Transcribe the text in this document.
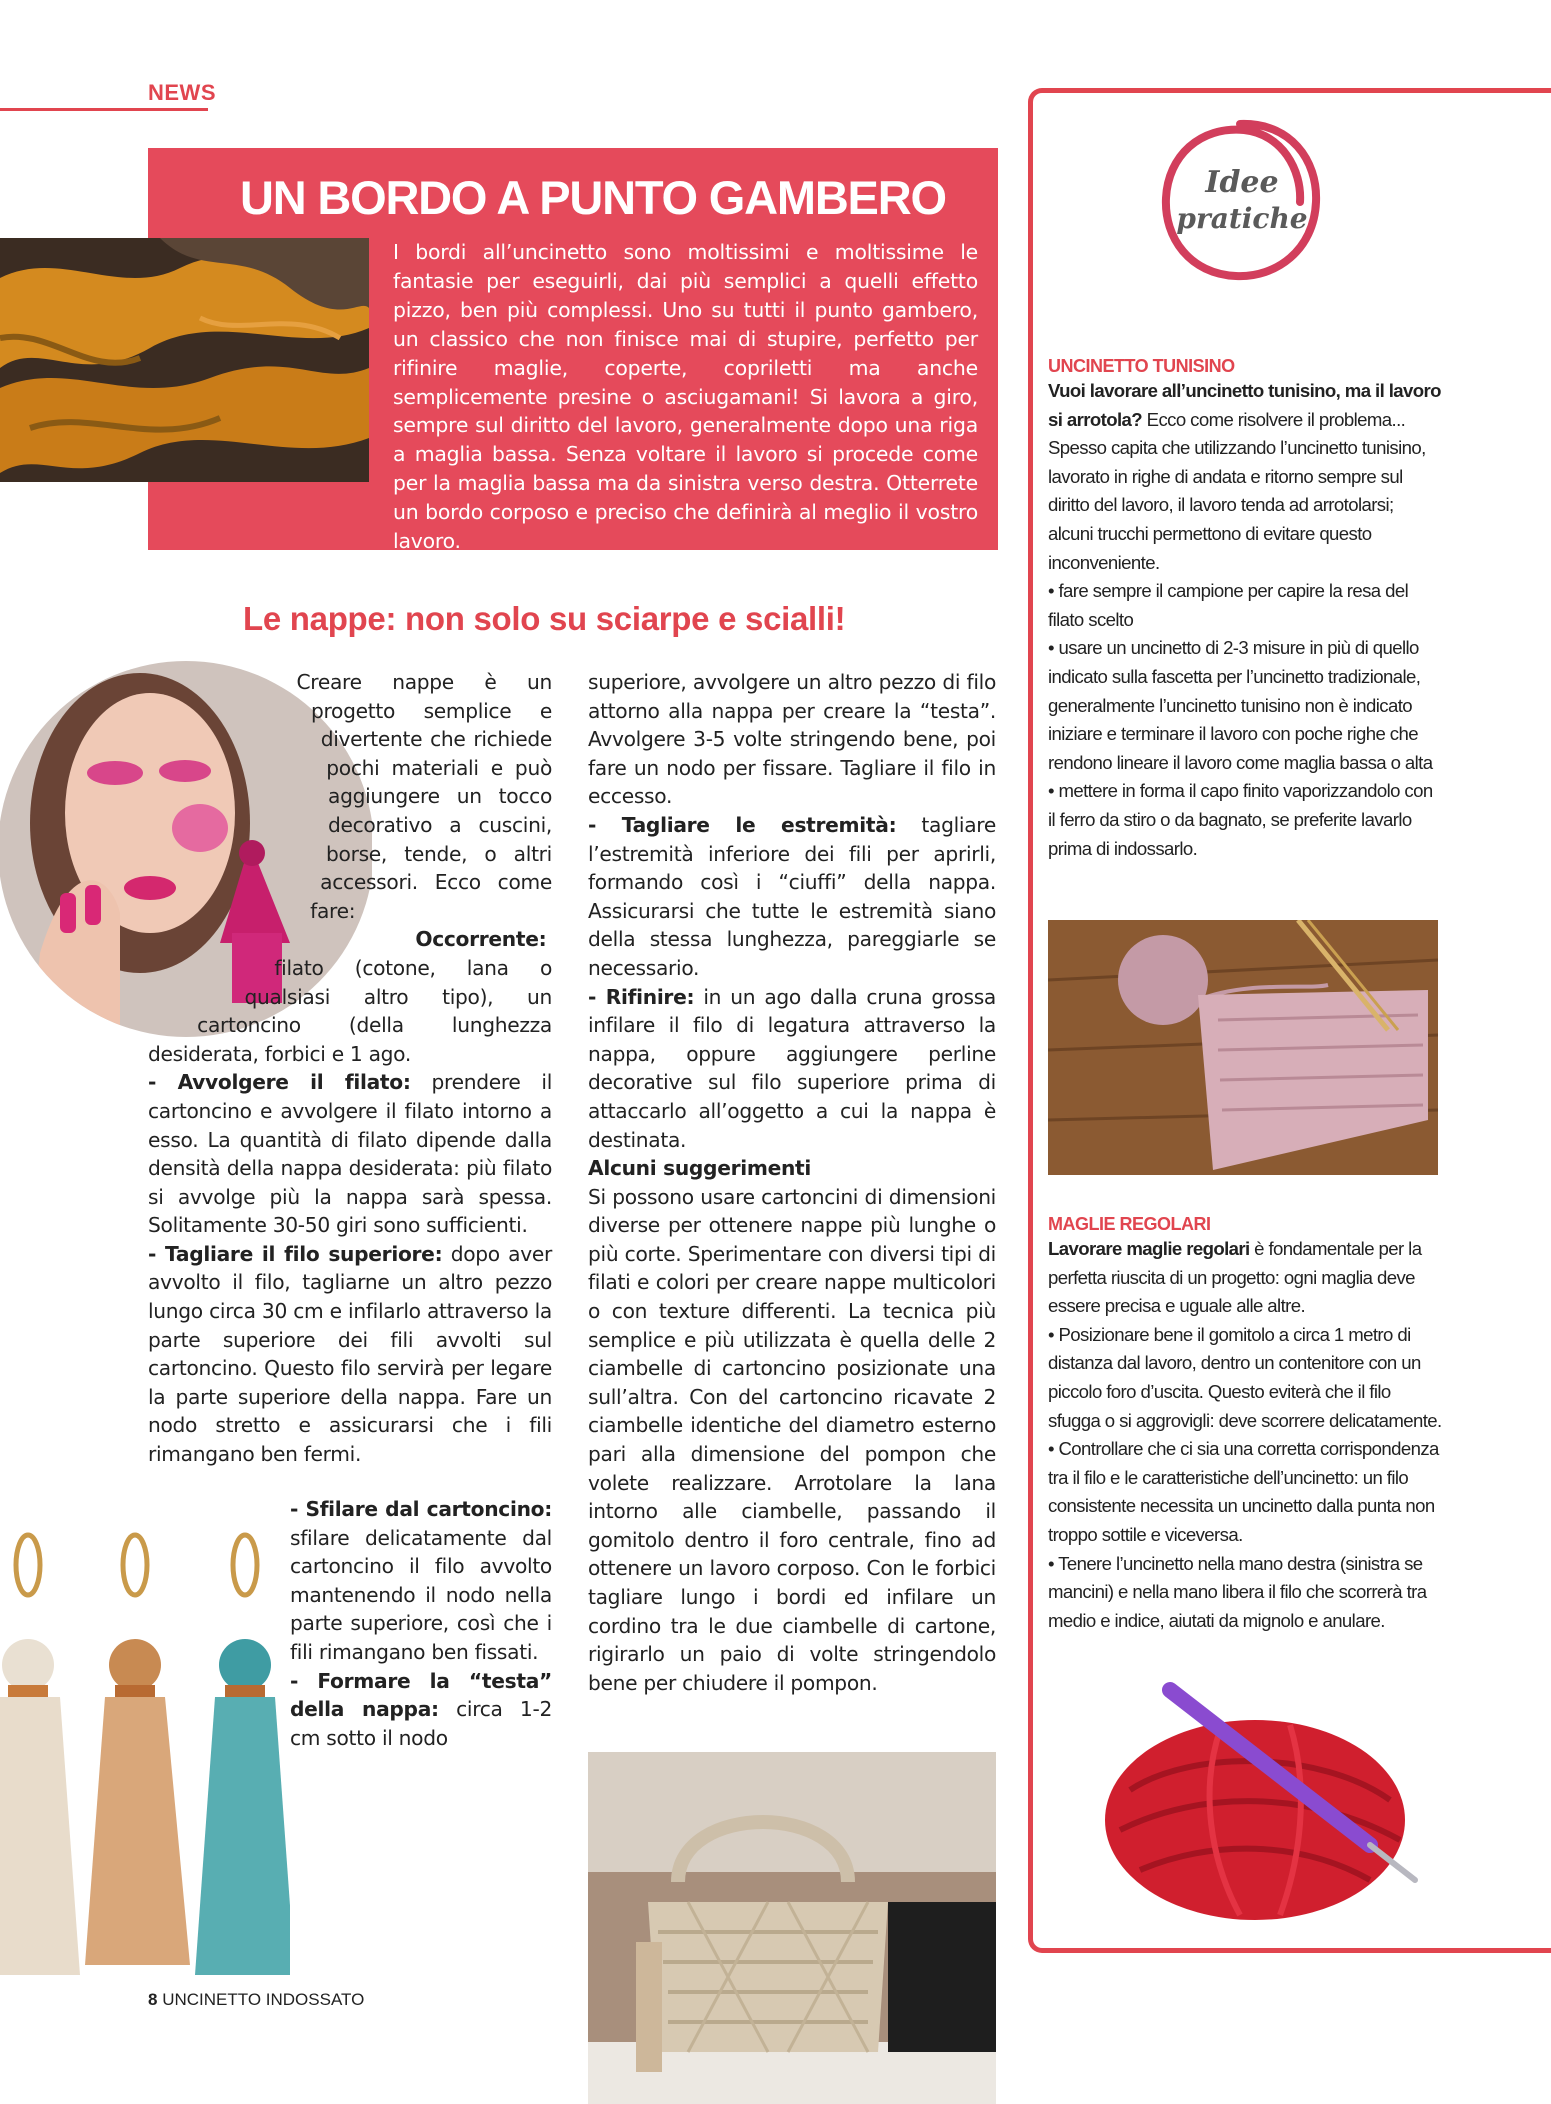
NEWS
UN BORDO A PUNTO GAMBERO
I bordi all’uncinetto sono moltissimi e moltissime le fantasie per eseguirli, dai più semplici a quelli effetto pizzo, ben più complessi. Uno su tutti il punto gambero, un classico che non finisce mai di stupire, perfetto per rifinire maglie, coperte, copriletti ma anche semplicemente presine o asciugamani! Si lavora a giro, sempre sul diritto del lavoro, generalmente dopo una riga a maglia bassa. Senza voltare il lavoro si procede come per la maglia bassa ma da sinistra verso destra. Otterrete un bordo corposo e preciso che definirà al meglio il vostro lavoro.
Le nappe: non solo su sciarpe e scialli!
Creare nappe è un progetto semplice e divertente che richiede pochi materiali e può aggiungere un tocco decorativo a cuscini, borse, tende, o altri accessori. Ecco come fare: Occorrente: filato (cotone, lana o qualsiasi altro tipo), un cartoncino (della lunghezza desiderata, forbici e 1 ago.
- Avvolgere il filato: prendere il cartoncino e avvolgere il filato intorno a esso. La quantità di filato dipende dalla densità della nappa desiderata: più filato si avvolge più la nappa sarà spessa. Solitamente 30-50 giri sono sufficienti.
- Tagliare il filo superiore: dopo aver avvolto il filo, tagliarne un altro pezzo lungo circa 30 cm e infilarlo attraverso la parte superiore dei fili avvolti sul cartoncino. Questo filo servirà per legare la parte superiore della nappa. Fare un nodo stretto e assicurarsi che i fili rimangano ben fermi.
- Sfilare dal cartoncino: sfilare delicatamente dal cartoncino il filo avvolto mantenendo il nodo nella parte superiore, così che i fili rimangano ben fissati.
- Formare la “testa” della nappa: circa 1-2 cm sotto il nodo
superiore, avvolgere un altro pezzo di filo attorno alla nappa per creare la “testa”. Avvolgere 3-5 volte stringendo bene, poi fare un nodo per fissare. Tagliare il filo in eccesso.
- Tagliare le estremità: tagliare l’estremità inferiore dei fili per aprirli, formando così i “ciuffi” della nappa. Assicurarsi che tutte le estremità siano della stessa lunghezza, pareggiarle se necessario.
- Rifinire: in un ago dalla cruna grossa infilare il filo di legatura attraverso la nappa, oppure aggiungere perline decorative sul filo superiore prima di attaccarlo all’oggetto a cui la nappa è destinata.
Alcuni suggerimenti
Si possono usare cartoncini di dimensioni diverse per ottenere nappe più lunghe o più corte. Sperimentare con diversi tipi di filati e colori per creare nappe multicolori o con texture differenti. La tecnica più semplice e più utilizzata è quella delle 2 ciambelle di cartoncino posizionate una sull’altra. Con del cartoncino ricavate 2 ciambelle identiche del diametro esterno pari alla dimensione del pompon che volete realizzare. Arrotolare la lana intorno alle ciambelle, passando il gomitolo dentro il foro centrale, fino ad ottenere un lavoro corposo. Con le forbici tagliare lungo i bordi ed infilare un cordino tra le due ciambelle di cartone, rigirarlo un paio di volte stringendolo bene per chiudere il pompon.
Idee
pratiche
UNCINETTO TUNISINO
Vuoi lavorare all’uncinetto tunisino, ma il lavoro si arrotola? Ecco come risolvere il problema...
Spesso capita che utilizzando l’uncinetto tunisino, lavorato in righe di andata e ritorno sempre sul diritto del lavoro, il lavoro tenda ad arrotolarsi; alcuni trucchi permettono di evitare questo inconveniente.
• fare sempre il campione per capire la resa del filato scelto
• usare un uncinetto di 2-3 misure in più di quello indicato sulla fascetta per l’uncinetto tradizionale, generalmente l’uncinetto tunisino non è indicato iniziare e terminare il lavoro con poche righe che rendono lineare il lavoro come maglia bassa o alta
• mettere in forma il capo finito vaporizzandolo con il ferro da stiro o da bagnato, se preferite lavarlo prima di indossarlo.
MAGLIE REGOLARI
Lavorare maglie regolari è fondamentale per la perfetta riuscita di un progetto: ogni maglia deve essere precisa e uguale alle altre.
• Posizionare bene il gomitolo a circa 1 metro di distanza dal lavoro, dentro un contenitore con un piccolo foro d’uscita. Questo eviterà che il filo sfugga o si aggrovigli: deve scorrere delicatamente.
• Controllare che ci sia una corretta corrispondenza tra il filo e le caratteristiche dell’uncinetto: un filo consistente necessita un uncinetto dalla punta non troppo sottile e viceversa.
• Tenere l’uncinetto nella mano destra (sinistra se mancini) e nella mano libera il filo che scorrerà tra medio e indice, aiutati da mignolo e anulare.
8 UNCINETTO INDOSSATO
